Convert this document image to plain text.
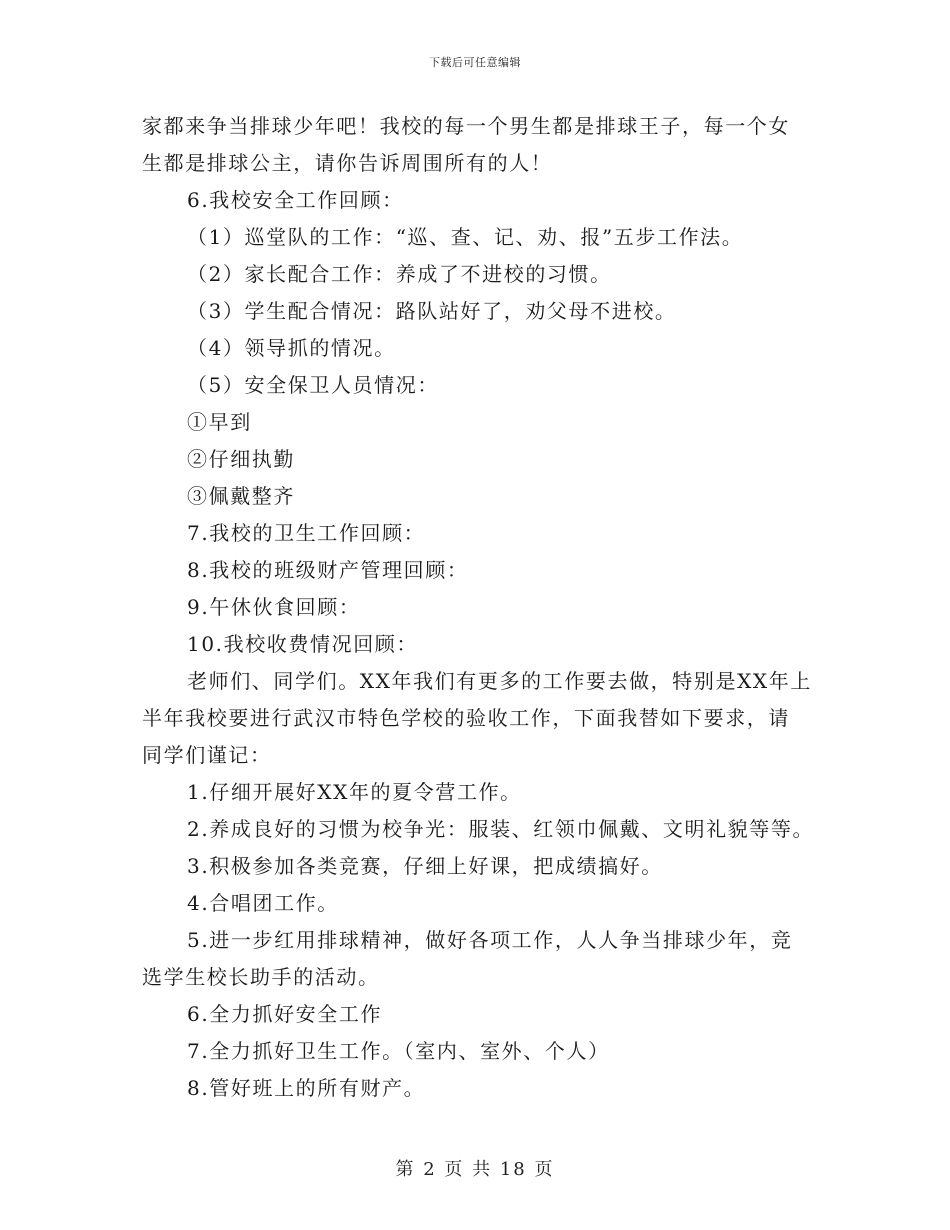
下载后可任意编辑
家都来争当排球少年吧！我校的每一个男生都是排球王子，每一个女
生都是排球公主，请你告诉周围所有的人！
6.我校安全工作回顾：
（1）巡堂队的工作：“巡、查、记、劝、报”五步工作法。
（2）家长配合工作：养成了不进校的习惯。
（3）学生配合情况：路队站好了，劝父母不进校。
（4）领导抓的情况。
（5）安全保卫人员情况：
①早到
②仔细执勤
③佩戴整齐
7.我校的卫生工作回顾：
8.我校的班级财产管理回顾：
9.午休伙食回顾：
10.我校收费情况回顾：
老师们、同学们。XX年我们有更多的工作要去做，特别是XX年上
半年我校要进行武汉市特色学校的验收工作，下面我替如下要求，请
同学们谨记：
1.仔细开展好XX年的夏令营工作。
2.养成良好的习惯为校争光：服装、红领巾佩戴、文明礼貌等等。
3.积极参加各类竞赛，仔细上好课，把成绩搞好。
4.合唱团工作。
5.进一步红用排球精神，做好各项工作，人人争当排球少年，竞
选学生校长助手的活动。
6.全力抓好安全工作
7.全力抓好卫生工作。（室内、室外、个人）
8.管好班上的所有财产。
第 2 页 共 18 页
